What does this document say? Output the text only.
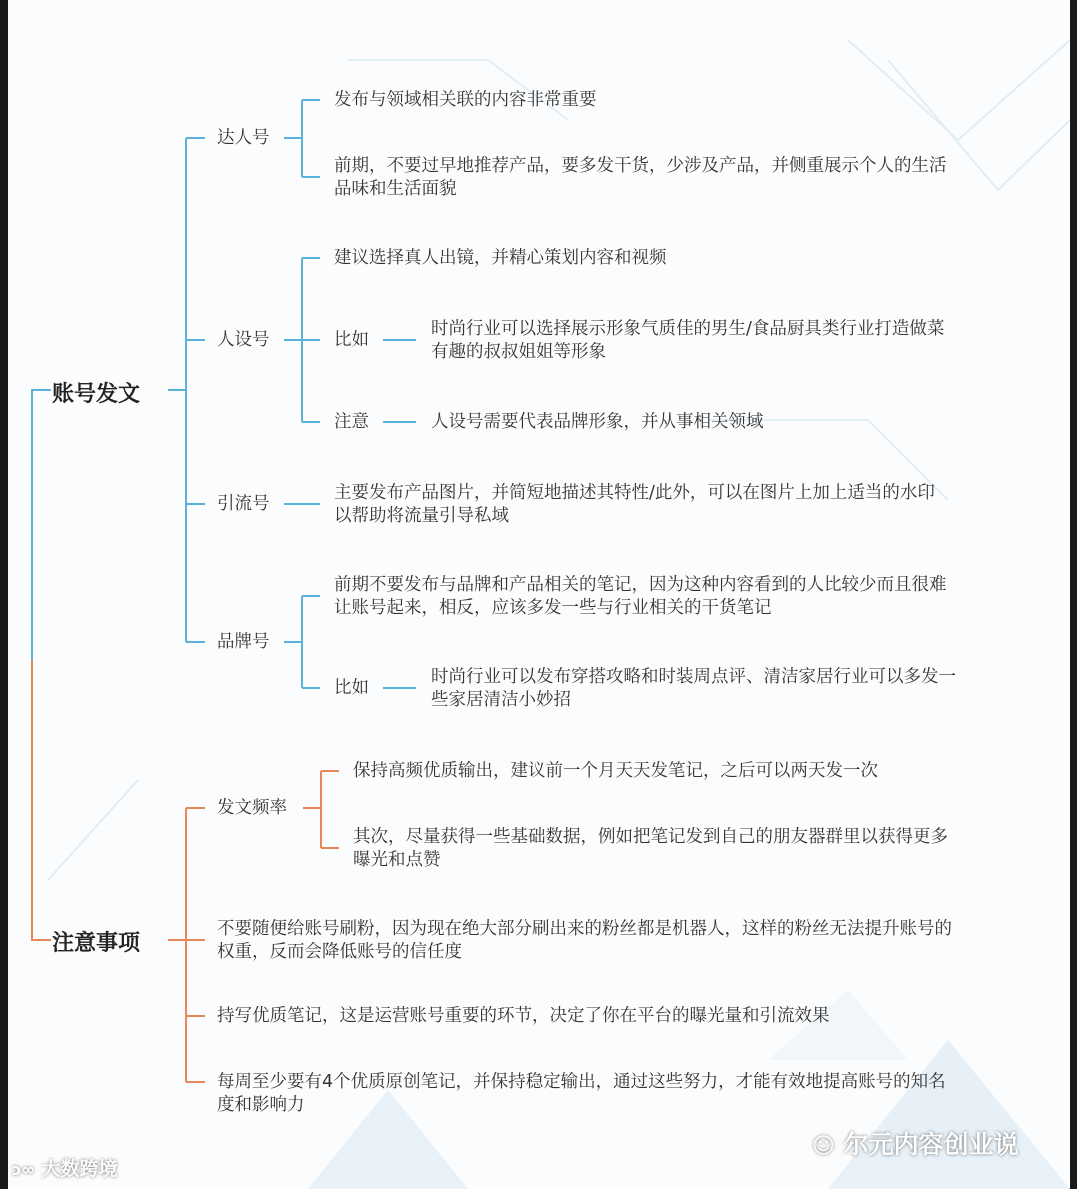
账号发文
注意事项
达人号
发布与领域相关联的内容非常重要
前期，不要过早地推荐产品，要多发干货，少涉及产品，并侧重展示个人的生活
品味和生活面貌
人设号
建议选择真人出镜，并精心策划内容和视频
比如
时尚行业可以选择展示形象气质佳的男生/食品厨具类行业打造做菜
有趣的叔叔姐姐等形象
注意	人设号需要代表品牌形象，并从事相关领域
引流号
主要发布产品图片，并简短地描述其特性/此外，可以在图片上加上适当的水印
以帮助将流量引导私域
品牌号
前期不要发布与品牌和产品相关的笔记，因为这种内容看到的人比较少而且很难
让账号起来，相反，应该多发一些与行业相关的干货笔记
比如
时尚行业可以发布穿搭攻略和时装周点评、清洁家居行业可以多发一
些家居清洁小妙招
发文频率
保持高频优质输出，建议前一个月天天发笔记，之后可以两天发一次
其次，尽量获得一些基础数据，例如把笔记发到自己的朋友器群里以获得更多
曝光和点赞
不要随便给账号刷粉，因为现在绝大部分刷出来的粉丝都是机器人，这样的粉丝无法提升账号的
权重，反而会降低账号的信任度
持写优质笔记，这是运营账号重要的环节，决定了你在平台的曝光量和引流效果
每周至少要有4个优质原创笔记，并保持稳定输出，通过这些努力，才能有效地提高账号的知名
度和影响力
ↄ∞ 大数跨境
☺ 尔元内容创业说
